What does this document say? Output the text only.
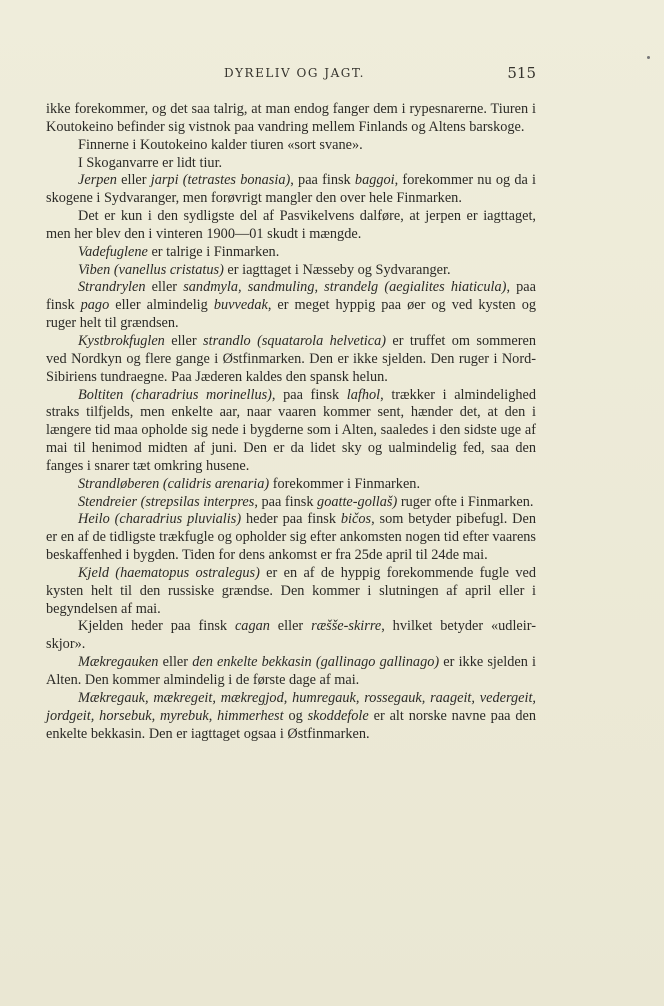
DYRELIV OG JAGT.	515

ikke forekommer, og det saa talrig, at man endog fanger dem i rypesnarerne. Tiuren i Koutokeino befinder sig vistnok paa vandring mellem Finlands og Altens barskoge.

Finnerne i Koutokeino kalder tiuren «sort svane».

I Skoganvarre er lidt tiur.

Jerpen eller jarpi (tetrastes bonasia), paa finsk baggoi, forekommer nu og da i skogene i Sydvaranger, men forøvrigt mangler den over hele Finmarken.

Det er kun i den sydligste del af Pasvikelvens dalføre, at jerpen er iagttaget, men her blev den i vinteren 1900—01 skudt i mængde.

Vadefuglene er talrige i Finmarken.

Viben (vanellus cristatus) er iagttaget i Næsseby og Sydvaranger.

Strandrylen eller sandmyla, sandmuling, strandelg (aegialites hiaticula), paa finsk pago eller almindelig buvvedak, er meget hyppig paa øer og ved kysten og ruger helt til grændsen.

Kystbrokfuglen eller strandlo (squatarola helvetica) er truffet om sommeren ved Nordkyn og flere gange i Østfinmarken. Den er ikke sjelden. Den ruger i Nord-Sibiriens tundraegne. Paa Jæderen kaldes den spansk helun.

Boltiten (charadrius morinellus), paa finsk lafhol, trækker i almindelighed straks tilfjelds, men enkelte aar, naar vaaren kommer sent, hænder det, at den i længere tid maa opholde sig nede i bygderne som i Alten, saaledes i den sidste uge af mai til henimod midten af juni. Den er da lidet sky og ualmindelig fed, saa den fanges i snarer tæt omkring husene.

Strandløberen (calidris arenaria) forekommer i Finmarken.

Stendreier (strepsilas interpres, paa finsk goatte-gollaš) ruger ofte i Finmarken.

Heilo (charadrius pluvialis) heder paa finsk bičos, som betyder pibefugl. Den er en af de tidligste trækfugle og opholder sig efter ankomsten nogen tid efter vaarens beskaffenhed i bygden. Tiden for dens ankomst er fra 25de april til 24de mai.

Kjeld (haematopus ostralegus) er en af de hyppig forekommende fugle ved kysten helt til den russiske grændse. Den kommer i slutningen af april eller i begyndelsen af mai.

Kjelden heder paa finsk cagan eller ræšše-skirre, hvilket betyder «udleir-skjor».

Mækregauken eller den enkelte bekkasin (gallinago gallinago) er ikke sjelden i Alten. Den kommer almindelig i de første dage af mai.

Mækregauk, mækregeit, mækregjod, humregauk, rossegauk, raageit, vedergeit, jordgeit, horsebuk, myrebuk, himmerhest og skoddefole er alt norske navne paa den enkelte bekkasin. Den er iagttaget ogsaa i Østfinmarken.
